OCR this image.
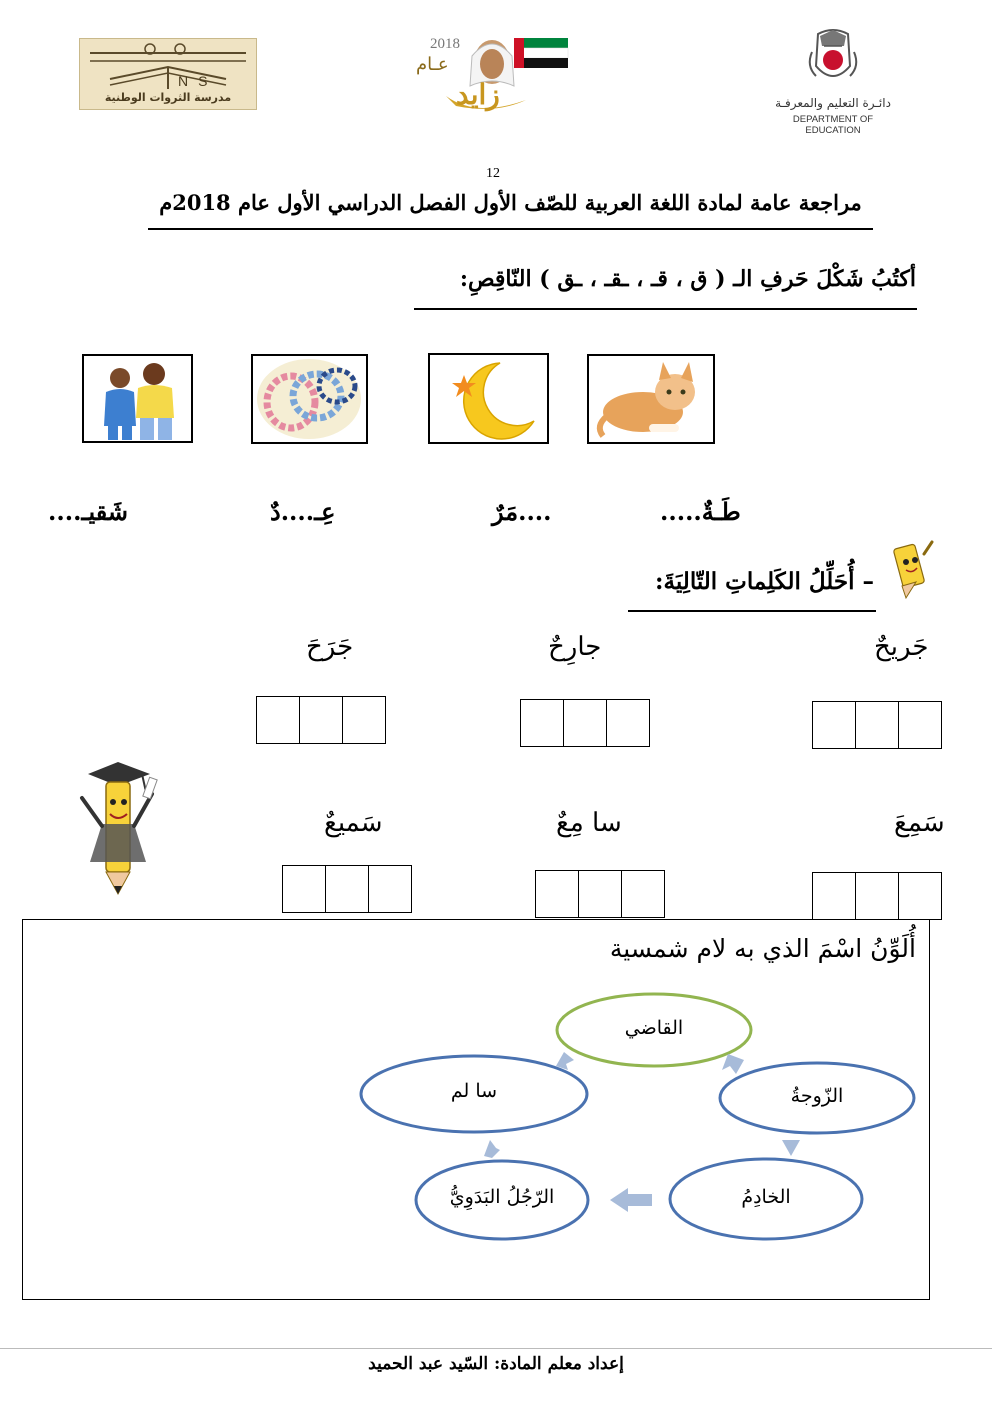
NS
مدرسة الثروات الوطنية
2018
عـام
زايد	دائـرة التعليم والمعرفـة
DEPARTMENT OF EDUCATION
12
مراجعة عامة لمادة اللغة العربية للصّف الأول الفصل الدراسي الأول عام 2018م
أكتُبُ شَكْلَ حَرفِ الـ ( ق ، قـ ، ـقـ ، ـق ) النّاقِصِ:
شَقيـ....	عِـ....دٌ	....مَرٌ	طَـةٌ.....
– أُحَلِّلُ الكَلِماتِ التّالِيَةَ:
جَريحٌ
جارِحٌ
جَرَحَ
سَمِعَ
سا مِعٌ
سَميعٌ
أُلَوِّنُ اسْمَ الذي به لام شمسية
القاضي
الزّوجةُ
الخادِمُ
الرّجُلُ البَدَوِيُّ
سا لم
إعداد معلم المادة: السّيد عبد الحميد
